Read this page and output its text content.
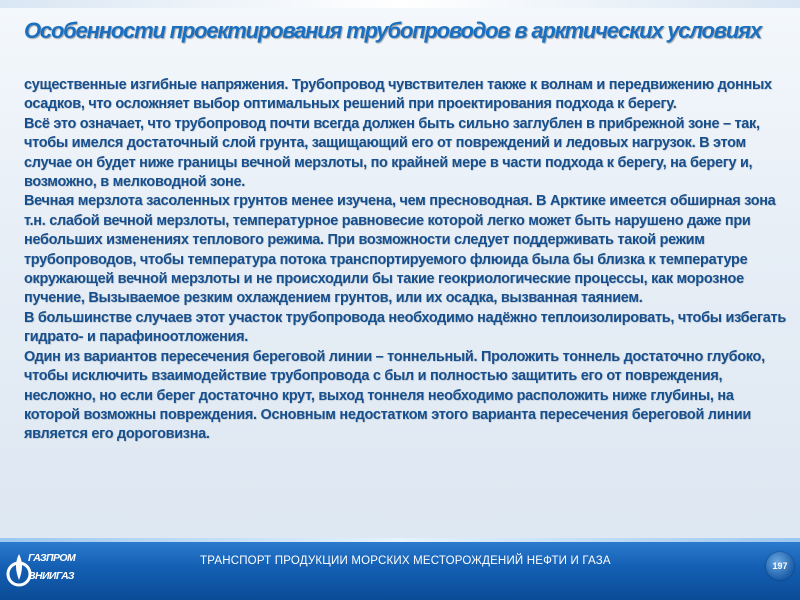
Особенности проектирования трубопроводов в арктических условиях

существенные изгибные напряжения. Трубопровод чувствителен также к волнам и передвижению донных осадков, что осложняет выбор оптимальных решений при проектирования подхода к берегу.

Всё это означает, что трубопровод почти всегда должен быть сильно заглублен в прибрежной зоне – так, чтобы имелся достаточный слой грунта, защищающий его от повреждений и ледовых нагрузок. В этом случае он будет ниже границы вечной мерзлоты, по крайней мере в части подхода к берегу, на берегу и, возможно, в мелководной зоне.

Вечная мерзлота засоленных грунтов менее изучена, чем пресноводная. В Арктике имеется обширная зона т.н. слабой вечной мерзлоты, температурное равновесие которой легко может быть нарушено даже при небольших изменениях теплового режима. При возможности следует поддерживать такой режим трубопроводов, чтобы температура потока транспортируемого флюида была бы близка к температуре окружающей вечной мерзлоты и не происходили бы такие геокриологические процессы, как морозное пучение, Вызываемое резким охлаждением грунтов, или их осадка, вызванная таянием.

В большинстве случаев этот участок трубопровода необходимо надёжно теплоизолировать, чтобы избегать гидрато- и парафиноотложения.

Один из вариантов пересечения береговой линии – тоннельный. Проложить тоннель достаточно глубоко, чтобы исключить взаимодействие трубопровода с был и полностью защитить его от повреждения, несложно, но если берег достаточно крут, выход тоннеля необходимо расположить ниже глубины, на которой возможны повреждения. Основным недостатком этого варианта пересечения береговой линии является его дороговизна.

ГАЗПРОМ
ВНИИГАЗ
ТРАНСПОРТ ПРОДУКЦИИ МОРСКИХ МЕСТОРОЖДЕНИЙ НЕФТИ И ГАЗА	197
